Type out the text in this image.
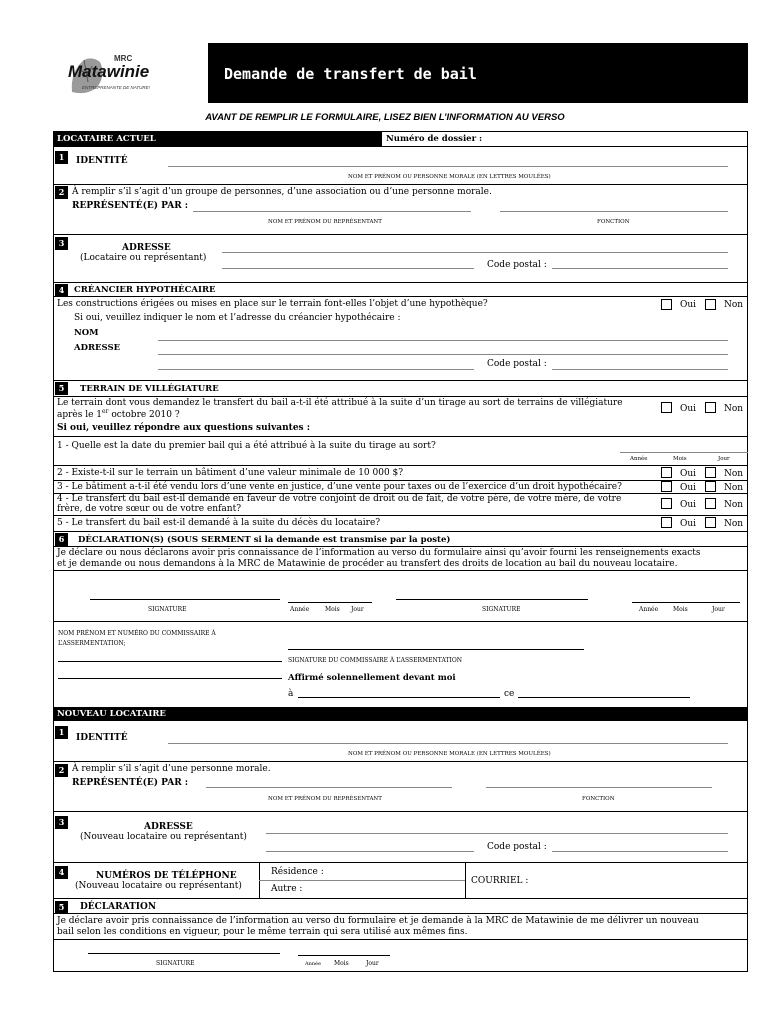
MRC
Matawinie
ENTREPRENANTE DE NATURE!
Demande de transfert de bail
AVANT DE REMPLIR LE FORMULAIRE, LISEZ BIEN L’INFORMATION AU VERSO
LOCATAIRE ACTUEL	Numéro de dossier :
1	IDENTITÉ
NOM ET PRÉNOM OU PERSONNE MORALE (EN LETTRES MOULÉES)
2 À remplir s’il s’agit d’un groupe de personnes, d’une association ou d’une personne morale.
REPRÉSENTÉ(E) PAR :
NOM ET PRÉNOM DU REPRÉSENTANT	FONCTION
3	ADRESSE
(Locataire ou représentant)
Code postal :
4	CRÉANCIER HYPOTHÉCAIRE
Les constructions érigées ou mises en place sur le terrain font-elles l’objet d’une hypothèque?	Oui	Non
Si oui, veuillez indiquer le nom et l’adresse du créancier hypothécaire :
NOM
ADRESSE
Code postal :
5	TERRAIN DE VILLÉGIATURE
Le terrain dont vous demandez le transfert du bail a-t-il été attribué à la suite d’un tirage au sort de terrains de villégiature
après le 1er octobre 2010 ?
Oui	Non
Si oui, veuillez répondre aux questions suivantes :
1 - Quelle est la date du premier bail qui a été attribué à la suite du tirage au sort?
Année	Mois	Jour
2 - Existe-t-il sur le terrain un bâtiment d’une valeur minimale de 10 000 $?	Oui	Non
3 - Le bâtiment a-t-il été vendu lors d’une vente en justice, d’une vente pour taxes ou de l’exercice d’un droit hypothécaire?	Oui	Non
4 - Le transfert du bail est-il demandé en faveur de votre conjoint de droit ou de fait, de votre père, de votre mère, de votre
frère, de votre sœur ou de votre enfant?	Oui	Non
5 - Le transfert du bail est-il demandé à la suite du décès du locataire?	Oui	Non
6	DÉCLARATION(S) (SOUS SERMENT si la demande est transmise par la poste)
Je déclare ou nous déclarons avoir pris connaissance de l’information au verso du formulaire ainsi qu’avoir fourni les renseignements exacts
et je demande ou nous demandons à la MRC de Matawinie de procéder au transfert des droits de location au bail du nouveau locataire.
SIGNATURE	Année	Mois Jour	SIGNATURE	Année Mois	Jour
NOM PRÉNOM ET NUMÉRO DU COMMISSAIRE À
L’ASSERMENTATION;
SIGNATURE DU COMMISSAIRE À L’ASSERMENTATION
Affirmé solennellement devant moi
à	ce
NOUVEAU LOCATAIRE
1
IDENTITÉ
NOM ET PRÉNOM OU PERSONNE MORALE (EN LETTRES MOULÉES)
2 À remplir s’il s’agit d’une personne morale.
REPRÉSENTÉ(E) PAR :
NOM ET PRÉNOM DU REPRÉSENTANT	FONCTION
3	ADRESSE
(Nouveau locataire ou représentant)
Code postal :
4	NUMÉROS DE TÉLÉPHONE
(Nouveau locataire ou représentant)
Résidence :
Autre :
COURRIEL :
5	DÉCLARATION
Je déclare avoir pris connaissance de l’information au verso du formulaire et je demande à la MRC de Matawinie de me délivrer un nouveau
bail selon les conditions en vigueur, pour le même terrain qui sera utilisé aux mêmes fins.
SIGNATURE	Année Mois	Jour
